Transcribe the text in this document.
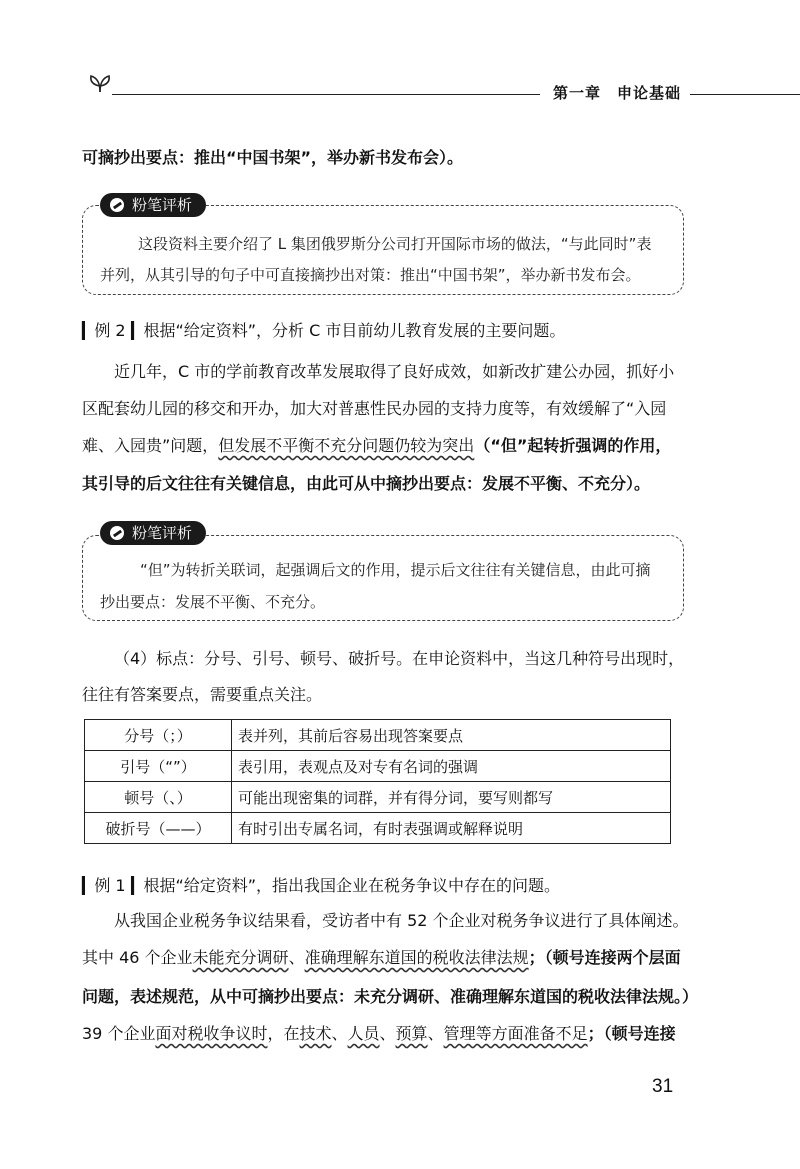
第一章　申论基础
可摘抄出要点：推出“中国书架”，举办新书发布会）。
粉笔评析
这段资料主要介绍了 L 集团俄罗斯分公司打开国际市场的做法，“与此同时”表
并列，从其引导的句子中可直接摘抄出对策：推出“中国书架”，举办新书发布会。
▎例 2 ▎根据“给定资料”，分析 C 市目前幼儿教育发展的主要问题。
近几年，C 市的学前教育改革发展取得了良好成效，如新改扩建公办园，抓好小
区配套幼儿园的移交和开办，加大对普惠性民办园的支持力度等，有效缓解了“入园
难、入园贵”问题，但发展不平衡不充分问题仍较为突出（“但”起转折强调的作用，
其引导的后文往往有关键信息，由此可从中摘抄出要点：发展不平衡、不充分）。
粉笔评析
“但”为转折关联词，起强调后文的作用，提示后文往往有关键信息，由此可摘
抄出要点：发展不平衡、不充分。
（4）标点：分号、引号、顿号、破折号。在申论资料中，当这几种符号出现时，
往往有答案要点，需要重点关注。
分号（；）	表并列，其前后容易出现答案要点
引号（“”）	表引用，表观点及对专有名词的强调
顿号（、）	可能出现密集的词群，并有得分词，要写则都写
破折号（——）	有时引出专属名词，有时表强调或解释说明
▎例 1 ▎根据“给定资料”，指出我国企业在税务争议中存在的问题。
从我国企业税务争议结果看，受访者中有 52 个企业对税务争议进行了具体阐述。
其中 46 个企业未能充分调研、准确理解东道国的税收法律法规；（顿号连接两个层面
问题，表述规范，从中可摘抄出要点：未充分调研、准确理解东道国的税收法律法规。）
39 个企业面对税收争议时，在技术、人员、预算、管理等方面准备不足；（顿号连接
31
